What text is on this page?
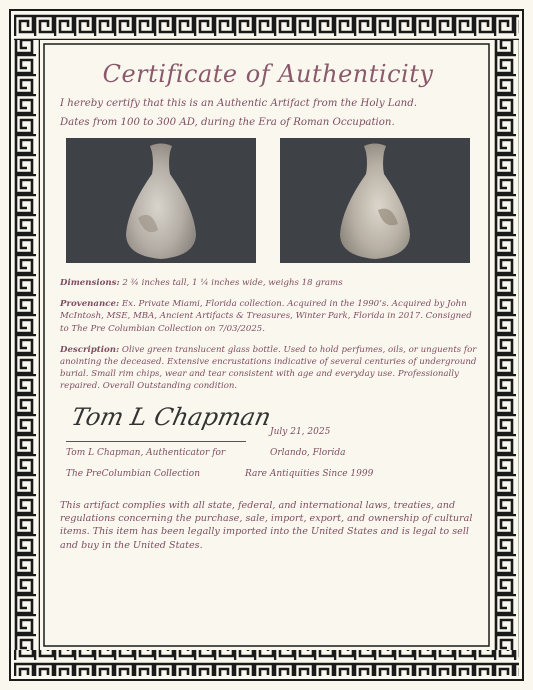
Certificate of Authenticity
I hereby certify that this is an Authentic Artifact from the Holy Land.
Dates from 100 to 300 AD, during the Era of Roman Occupation.
Dimensions: 2 ¾ inches tall, 1 ¼ inches wide, weighs 18 grams
Provenance: Ex. Private Miami, Florida collection. Acquired in the 1990’s. Acquired by John McIntosh, MSE, MBA, Ancient Artifacts & Treasures, Winter Park, Florida in 2017. Consigned to The Pre Columbian Collection on 7/03/2025.
Description: Olive green translucent glass bottle. Used to hold perfumes, oils, or unguents for anointing the deceased. Extensive encrustations indicative of several centuries of underground burial. Small rim chips, wear and tear consistent with age and everyday use. Professionally repaired. Overall Outstanding condition.
Tom L Chapman
Tom L Chapman, Authenticator for
The PreColumbian Collection
July 21, 2025
Orlando, Florida
Rare Antiquities Since 1999
This artifact complies with all state, federal, and international laws, treaties, and regulations concerning the purchase, sale, import, export, and ownership of cultural items. This item has been legally imported into the United States and is legal to sell and buy in the United States.
